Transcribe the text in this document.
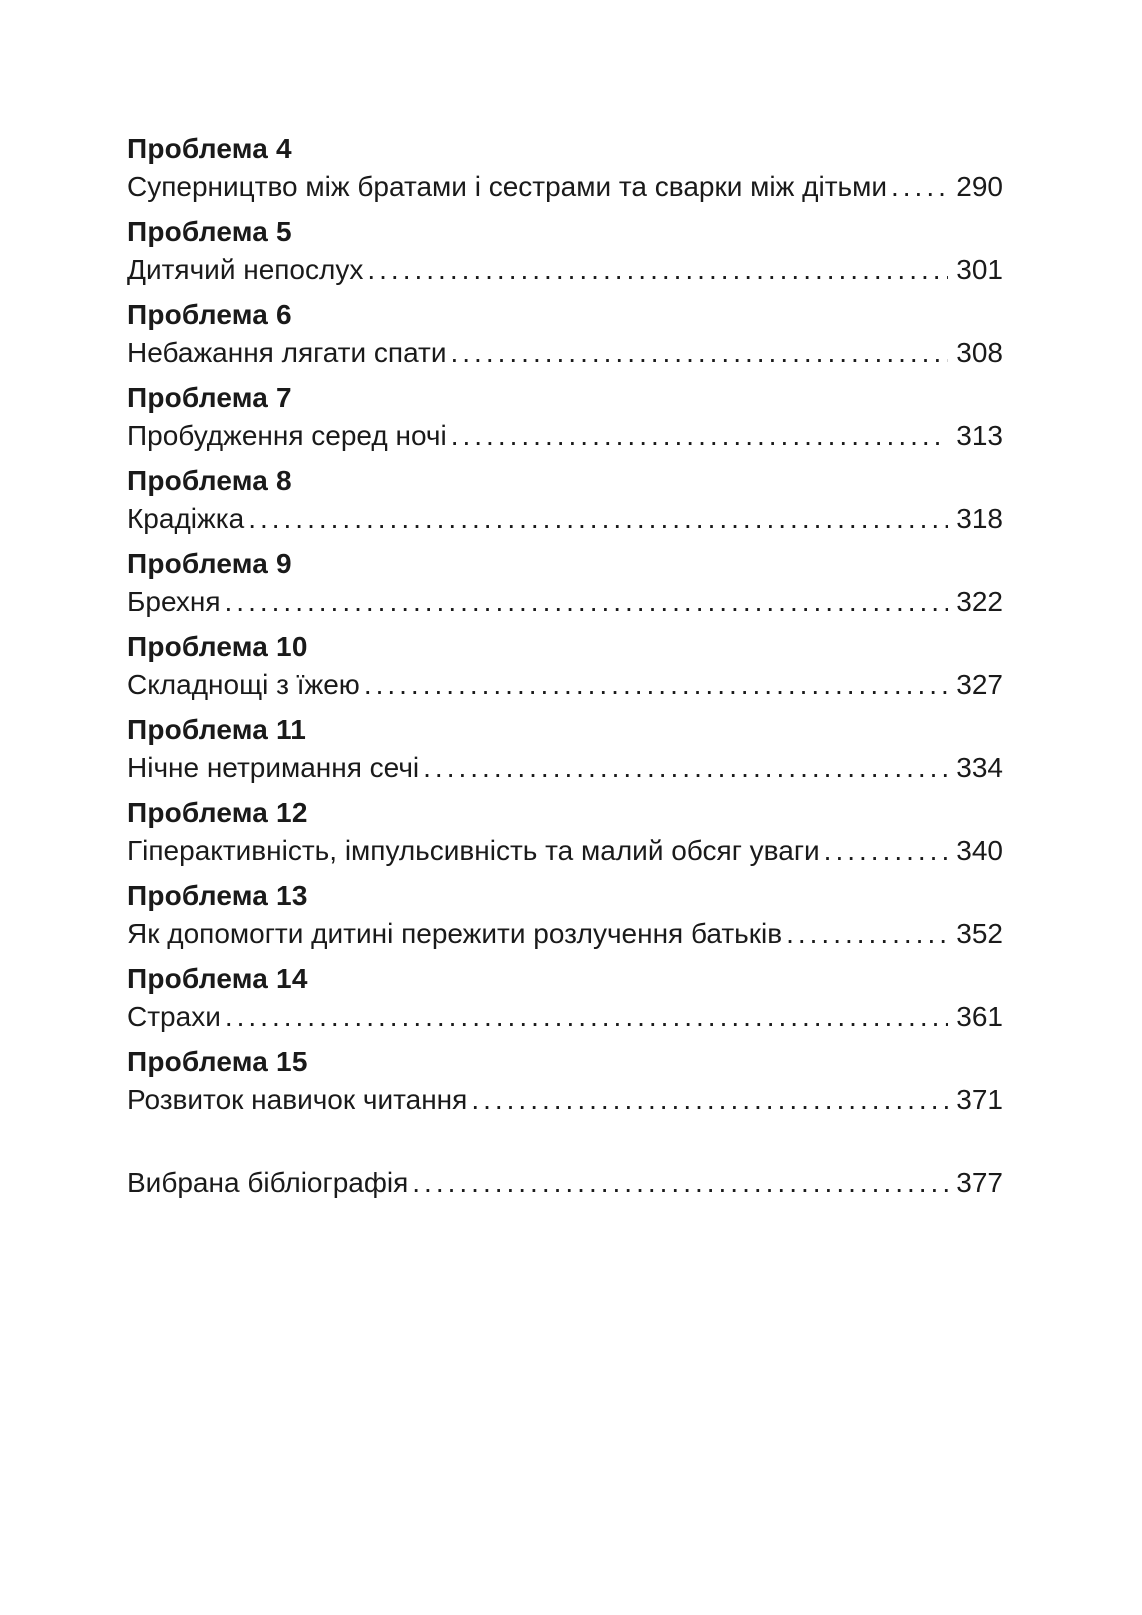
Проблема 4
Суперництво між братами і сестрами та сварки між дітьми ..... 290
Проблема 5
Дитячий непослух .....	301
Проблема 6
Небажання лягати спати .....	308
Проблема 7
Пробудження серед ночі .....	313
Проблема 8
Крадіжка .....	318
Проблема 9
Брехня .....	322
Проблема 10
Складнощі з їжею .....	327
Проблема 11
Нічне нетримання сечі .....	334
Проблема 12
Гіперактивність, імпульсивність та малий обсяг уваги .....	340
Проблема 13
Як допомогти дитині пережити розлучення батьків .....	352
Проблема 14
Страхи .....	361
Проблема 15
Розвиток навичок читання .....	371
Вибрана бібліографія .....	377
